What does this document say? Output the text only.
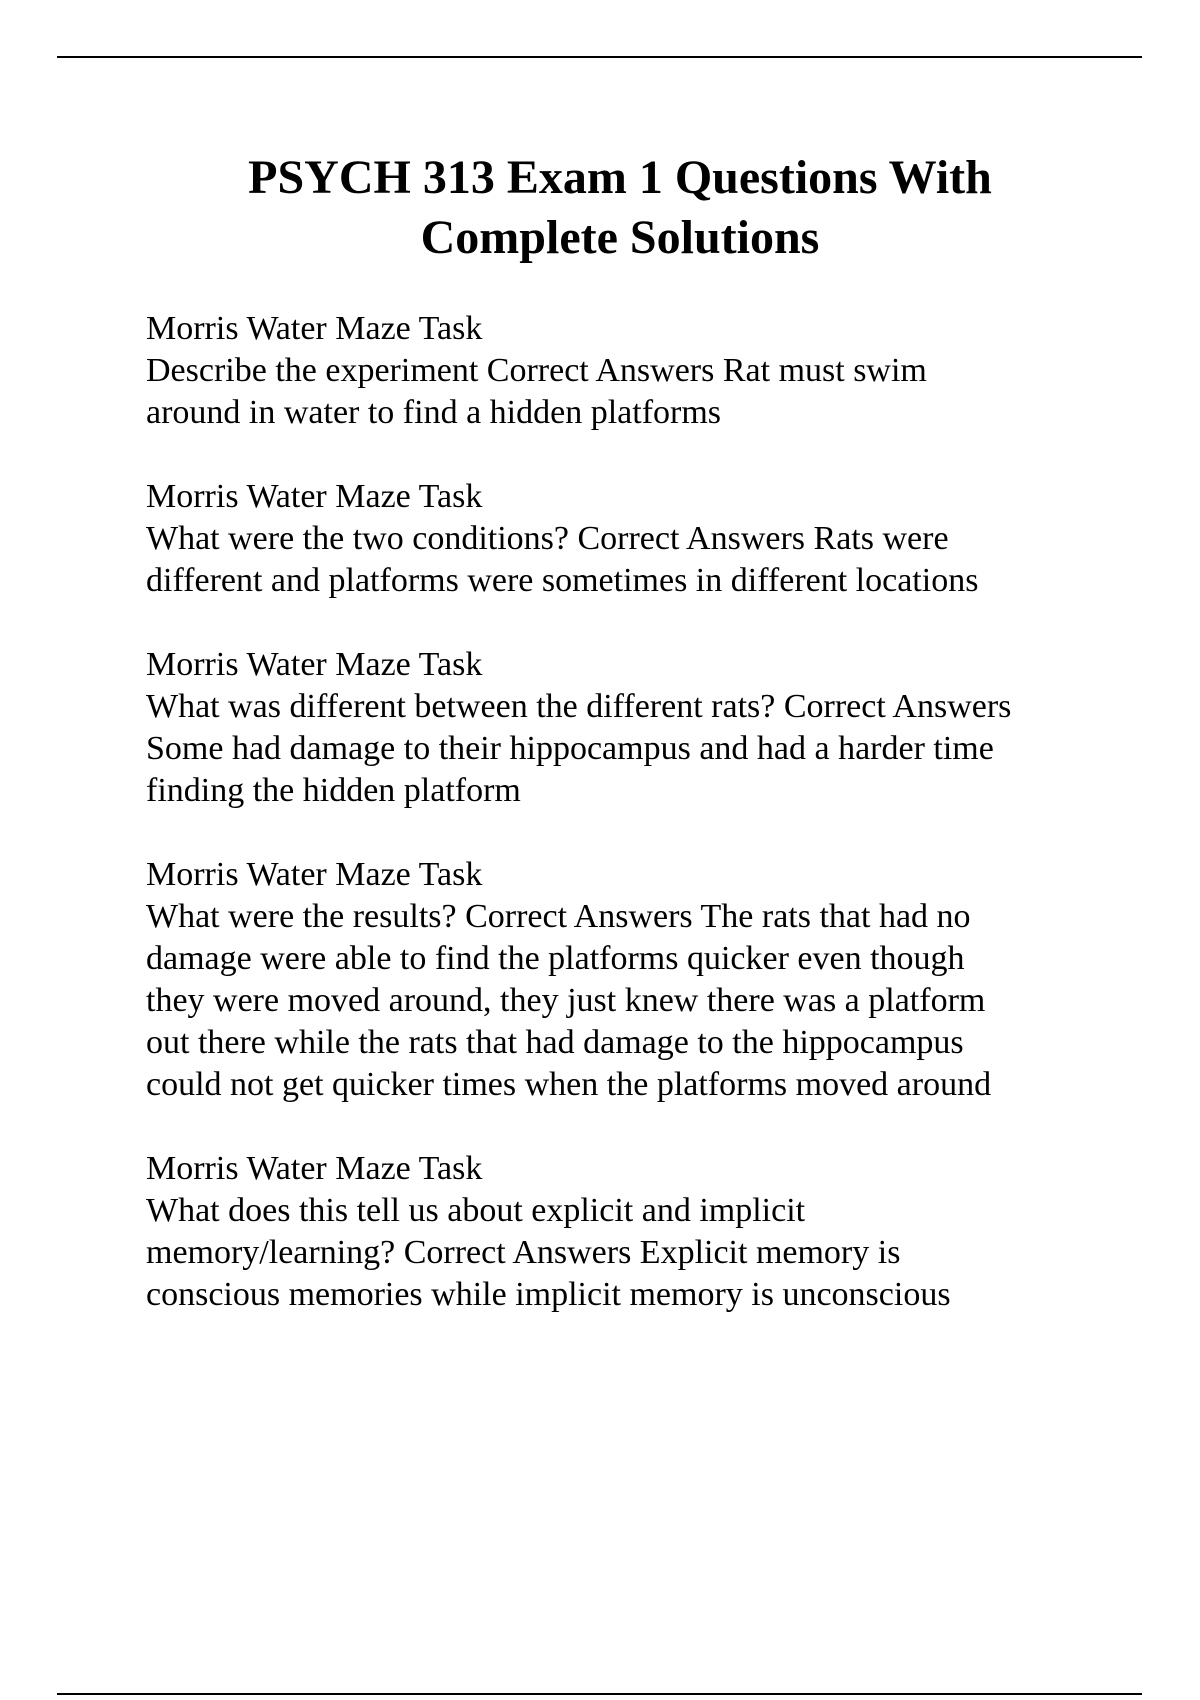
PSYCH 313 Exam 1 Questions With
Complete Solutions
Morris Water Maze Task
Describe the experiment Correct Answers Rat must swim
around in water to find a hidden platforms
Morris Water Maze Task
What were the two conditions? Correct Answers Rats were
different and platforms were sometimes in different locations
Morris Water Maze Task
What was different between the different rats? Correct Answers
Some had damage to their hippocampus and had a harder time
finding the hidden platform
Morris Water Maze Task
What were the results? Correct Answers The rats that had no
damage were able to find the platforms quicker even though
they were moved around, they just knew there was a platform
out there while the rats that had damage to the hippocampus
could not get quicker times when the platforms moved around
Morris Water Maze Task
What does this tell us about explicit and implicit
memory/learning? Correct Answers Explicit memory is
conscious memories while implicit memory is unconscious
